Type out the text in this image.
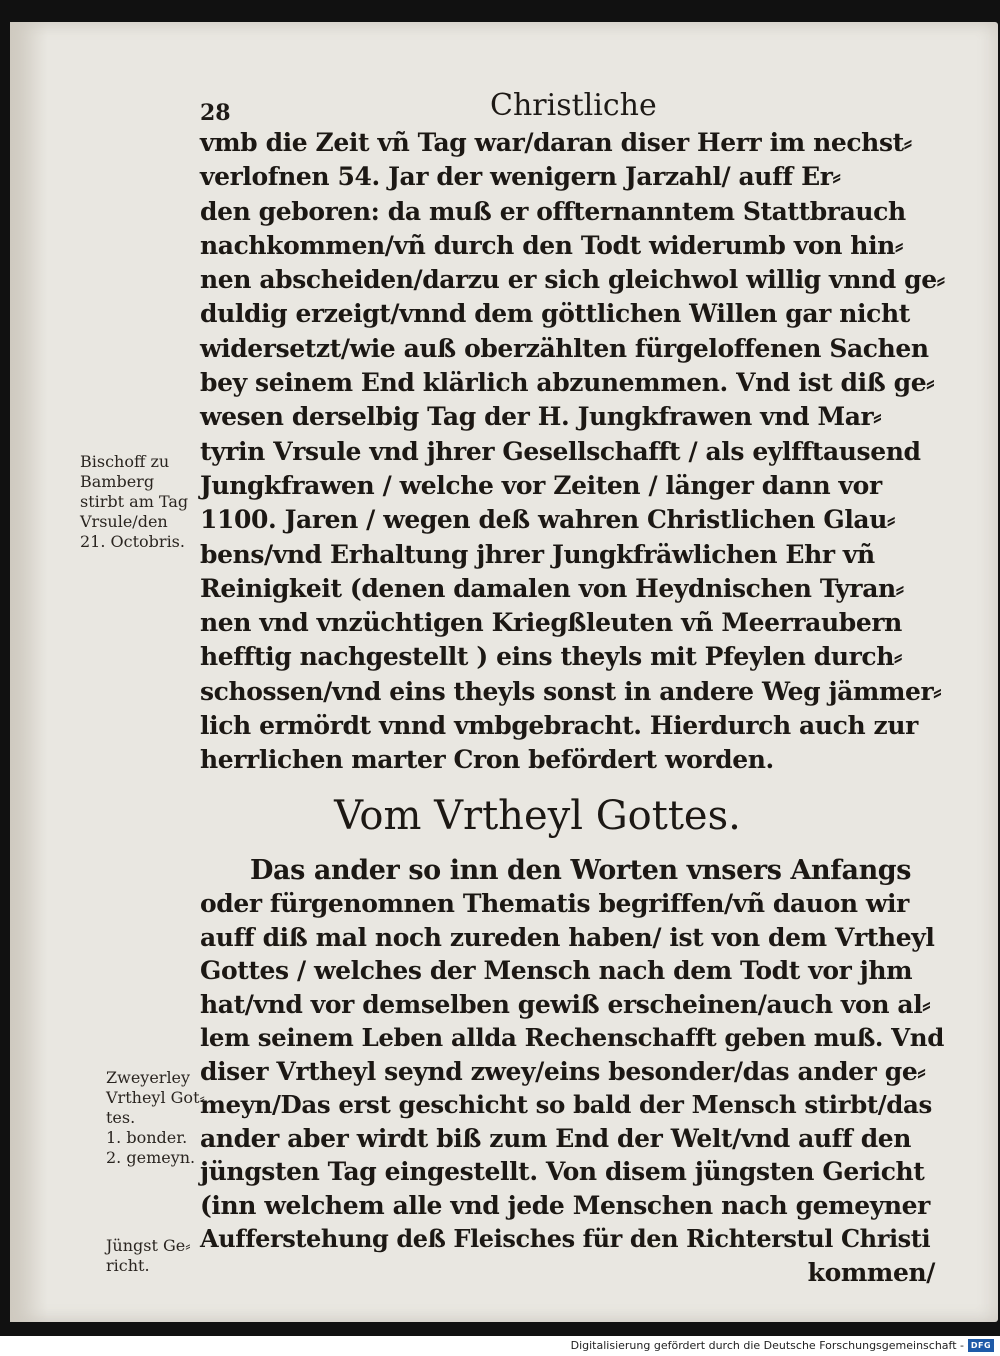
28	Christliche
vmb die Zeit vñ Tag war/daran diser Herr im nechst⸗
verlofnen 54. Jar der wenigern Jarzahl/ auff Er⸗
den geboren: da muß er offternanntem Stattbrauch
nachkommen/vñ durch den Todt widerumb von hin⸗
nen abscheiden/darzu er sich gleichwol willig vnnd ge⸗
duldig erzeigt/vnnd dem göttlichen Willen gar nicht
widersetzt/wie auß oberzählten fürgeloffenen Sachen
bey seinem End klärlich abzunemmen. Vnd ist diß ge⸗
wesen derselbig Tag der H. Jungkfrawen vnd Mar⸗
tyrin Vrsule vnd jhrer Gesellschafft / als eylfftausend
Jungkfrawen / welche vor Zeiten / länger dann vor
1100. Jaren / wegen deß wahren Christlichen Glau⸗
bens/vnd Erhaltung jhrer Jungkfräwlichen Ehr vñ
Reinigkeit (denen damalen von Heydnischen Tyran⸗
nen vnd vnzüchtigen Kriegßleuten vñ Meerraubern
hefftig nachgestellt ) eins theyls mit Pfeylen durch⸗
schossen/vnd eins theyls sonst in andere Weg jämmer⸗
lich ermördt vnnd vmbgebracht. Hierdurch auch zur
herrlichen marter Cron befördert worden.
Vom Vrtheyl Gottes.
Das ander so inn den Worten vnsers Anfangs
oder fürgenomnen Thematis begriffen/vñ dauon wir
auff diß mal noch zureden haben/ ist von dem Vrtheyl
Gottes / welches der Mensch nach dem Todt vor jhm
hat/vnd vor demselben gewiß erscheinen/auch von al⸗
lem seinem Leben allda Rechenschafft geben muß. Vnd
diser Vrtheyl seynd zwey/eins besonder/das ander ge⸗
meyn/Das erst geschicht so bald der Mensch stirbt/das
ander aber wirdt biß zum End der Welt/vnd auff den
jüngsten Tag eingestellt. Von disem jüngsten Gericht
(inn welchem alle vnd jede Menschen nach gemeyner
Aufferstehung deß Fleisches für den Richterstul Christi
kommen/
Bischoff zu
Bamberg
stirbt am Tag
Vrsule/den
21. Octobris.
Zweyerley
Vrtheyl Got⸗
tes.
1. bonder.
2. gemeyn.
Jüngst Ge⸗
richt.
Digitalisierung gefördert durch die Deutsche Forschungsgemeinschaft - DFG
